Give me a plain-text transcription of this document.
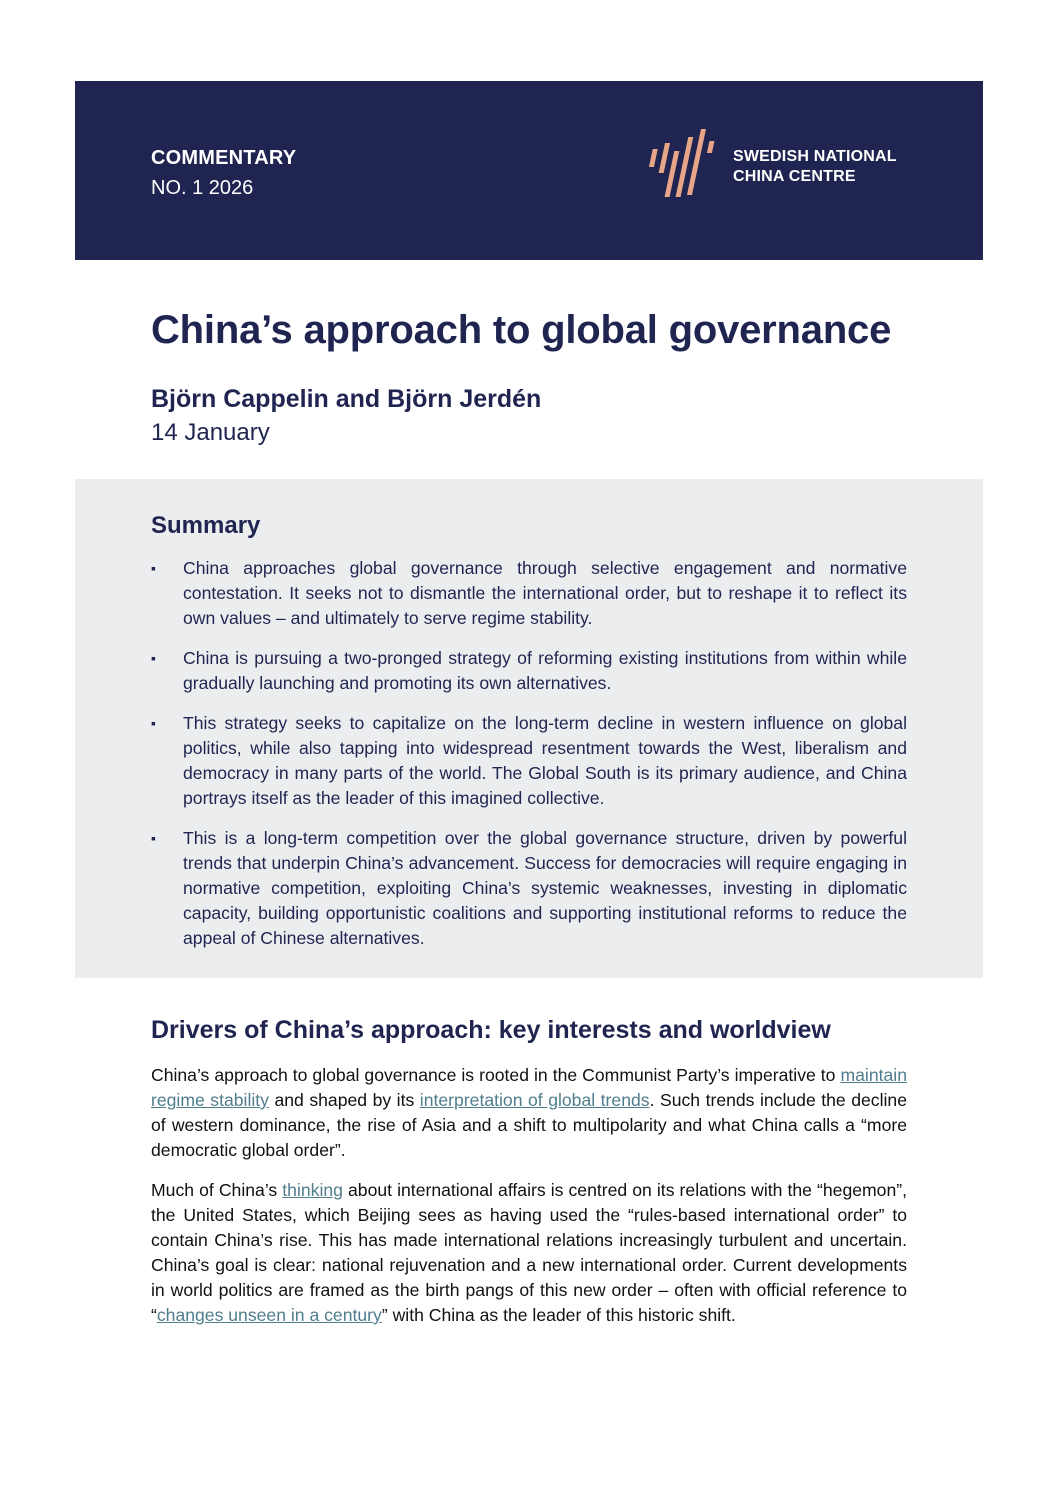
COMMENTARY
NO. 1 2026
SWEDISH NATIONAL
CHINA CENTRE
China’s approach to global governance
Björn Cappelin and Björn Jerdén
14 January
Summary
▪ China approaches global governance through selective engagement and normative contestation. It seeks not to dismantle the international order, but to reshape it to reflect its own values – and ultimately to serve regime stability.
▪ China is pursuing a two-pronged strategy of reforming existing institutions from within while gradually launching and promoting its own alternatives.
▪ This strategy seeks to capitalize on the long-term decline in western influence on global politics, while also tapping into widespread resentment towards the West, liberalism and democracy in many parts of the world. The Global South is its primary audience, and China portrays itself as the leader of this imagined collective.
▪ This is a long-term competition over the global governance structure, driven by powerful trends that underpin China’s advancement. Success for democracies will require engaging in normative competition, exploiting China’s systemic weaknesses, investing in diplomatic capacity, building opportunistic coalitions and supporting institutional reforms to reduce the appeal of Chinese alternatives.
Drivers of China’s approach: key interests and worldview

China’s approach to global governance is rooted in the Communist Party’s imperative to maintain regime stability and shaped by its interpretation of global trends. Such trends include the decline of western dominance, the rise of Asia and a shift to multipolarity and what China calls a “more democratic global order”.

Much of China’s thinking about international affairs is centred on its relations with the “hegemon”, the United States, which Beijing sees as having used the “rules-based international order” to contain China’s rise. This has made international relations increasingly turbulent and uncertain. China’s goal is clear: national rejuvenation and a new international order. Current developments in world politics are framed as the birth pangs of this new order – often with official reference to “changes unseen in a century” with China as the leader of this historic shift.
